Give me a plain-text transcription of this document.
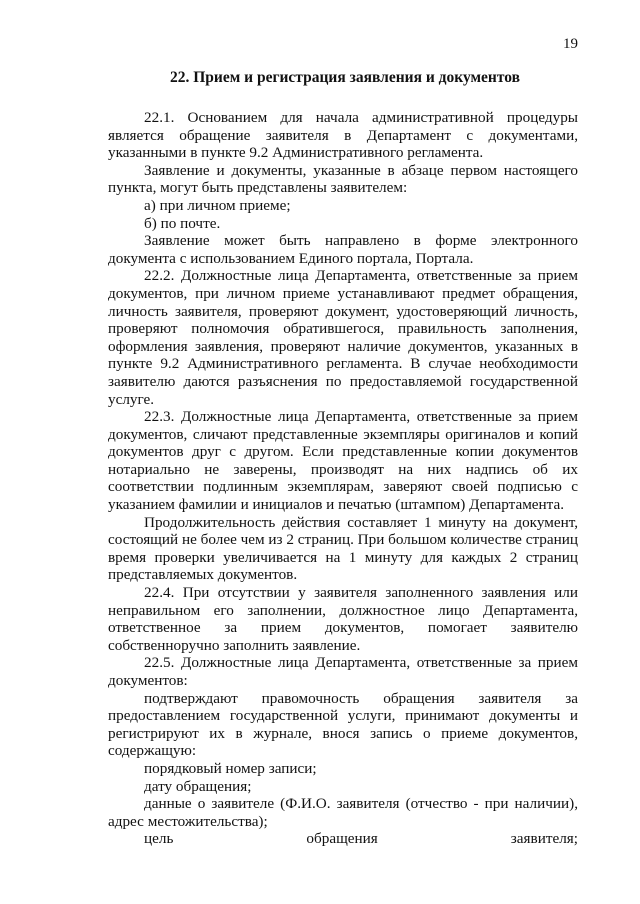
19
22. Прием и регистрация заявления и документов

22.1. Основанием для начала административной процедуры является обращение заявителя в Департамент с документами, указанными в пункте 9.2 Административного регламента.

Заявление и документы, указанные в абзаце первом настоящего пункта, могут быть представлены заявителем:

а) при личном приеме;

б) по почте.

Заявление может быть направлено в форме электронного документа с использованием Единого портала, Портала.

22.2. Должностные лица Департамента, ответственные за прием документов, при личном приеме устанавливают предмет обращения, личность заявителя, проверяют документ, удостоверяющий личность, проверяют полномочия обратившегося, правильность заполнения, оформления заявления, проверяют наличие документов, указанных в пункте 9.2 Административного регламента. В случае необходимости заявителю даются разъяснения по предоставляемой государственной услуге.

22.3. Должностные лица Департамента, ответственные за прием документов, сличают представленные экземпляры оригиналов и копий документов друг с другом. Если представленные копии документов нотариально не заверены, производят на них надпись об их соответствии подлинным экземплярам, заверяют своей подписью с указанием фамилии и инициалов и печатью (штампом) Департамента.

Продолжительность действия составляет 1 минуту на документ, состоящий не более чем из 2 страниц. При большом количестве страниц время проверки увеличивается на 1 минуту для каждых 2 страниц представляемых документов.

22.4. При отсутствии у заявителя заполненного заявления или неправильном его заполнении, должностное лицо Департамента, ответственное за прием документов, помогает заявителю собственноручно заполнить заявление.

22.5. Должностные лица Департамента, ответственные за прием документов:

подтверждают правомочность обращения заявителя за предоставлением государственной услуги, принимают документы и регистрируют их в журнале, внося запись о приеме документов, содержащую:

порядковый номер записи;

дату обращения;

данные о заявителе (Ф.И.О. заявителя (отчество - при наличии), адрес местожительства);

цель обращения заявителя;
